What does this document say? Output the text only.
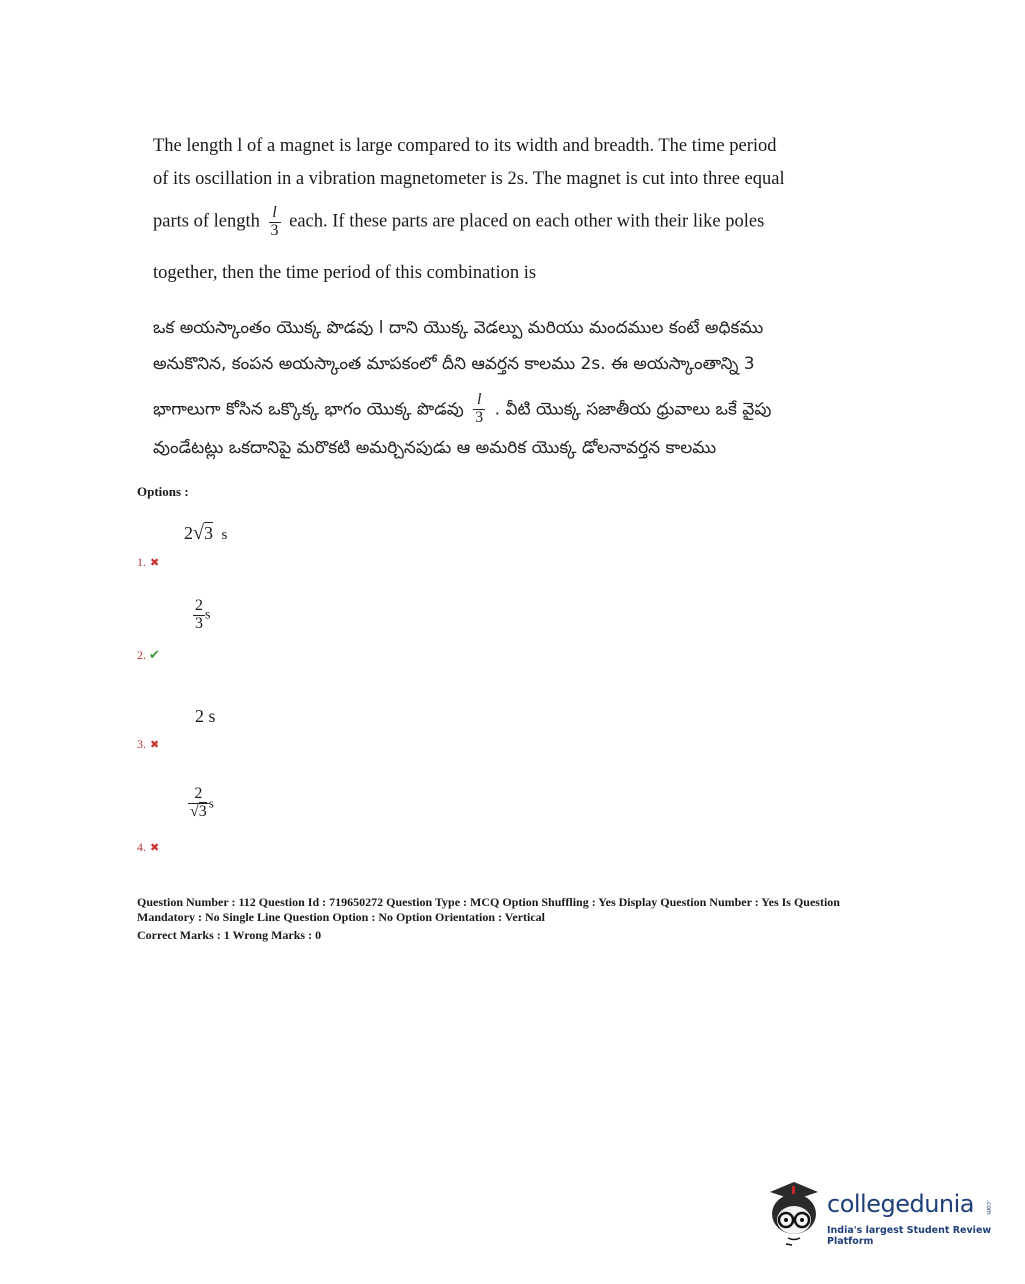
The length l of a magnet is large compared to its width and breadth. The time period
of its oscillation in a vibration magnetometer is 2s. The magnet is cut into three equal
parts of length $\frac{l}{3}$ each. If these parts are placed on each other with their like poles
together, then the time period of this combination is
ఒక అయస్కాంతం యొక్క పొడవు l దాని యొక్క వెడల్పు మరియు మందముల కంటే అధికము
అనుకొనిన, కంపన అయస్కాంత మాపకంలో దీని ఆవర్తన కాలము 2s. ఈ అయస్కాంతాన్ని 3
భాగాలుగా కోసిన ఒక్కొక్క భాగం యొక్క పొడవు $\frac{l}{3}$ . వీటి యొక్క సజాతీయ ధ్రువాలు ఒకే వైపు
వుండేటట్లు ఒకదానిపై మరొకటి అమర్చినపుడు ఆ అమరిక యొక్క డోలనావర్తన కాలము
Options :
2√3 s
1. ✖
$\frac{2}{3}$ s
2. ✔
2 s
3. ✖
$\frac{2}{√3}$ s
4. ✖
Question Number : 112 Question Id : 719650272 Question Type : MCQ Option Shuffling : Yes Display Question Number : Yes Is Question
Mandatory : No Single Line Question Option : No Option Orientation : Vertical
Correct Marks : 1 Wrong Marks : 0
collegedunia .com
India's largest Student Review Platform
